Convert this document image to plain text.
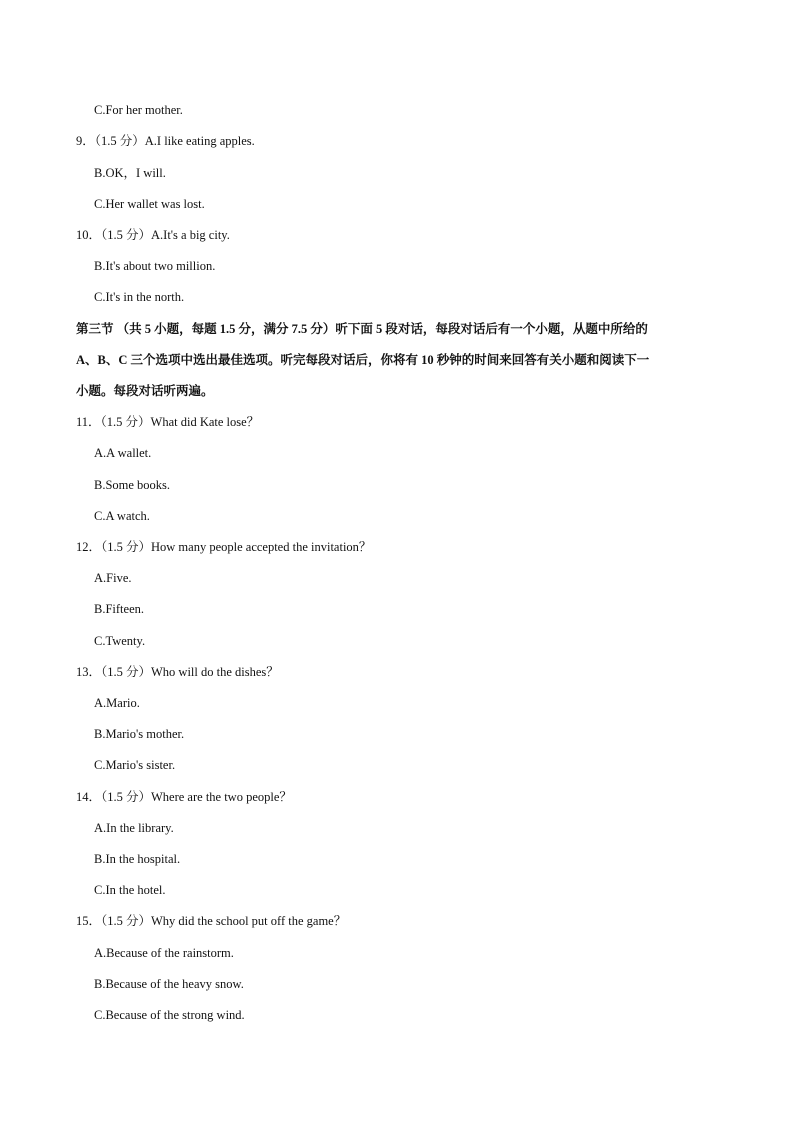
C.For her mother.
9．（1.5 分）A.I like eating apples.
B.OK，I will.
C.Her wallet was lost.
10．（1.5 分）A.It's a big city.
B.It's about two million.
C.It's in the north.
第三节 （共 5 小题，每题 1.5 分，满分 7.5 分）听下面 5 段对话，每段对话后有一个小题，从题中所给的
A、B、C 三个选项中选出最佳选项。听完每段对话后，你将有 10 秒钟的时间来回答有关小题和阅读下一
小题。每段对话听两遍。
11．（1.5 分）What did Kate lose？
A.A wallet.
B.Some books.
C.A watch.
12．（1.5 分）How many people accepted the invitation？
A.Five.
B.Fifteen.
C.Twenty.
13．（1.5 分）Who will do the dishes？
A.Mario.
B.Mario's mother.
C.Mario's sister.
14．（1.5 分）Where are the two people？
A.In the library.
B.In the hospital.
C.In the hotel.
15．（1.5 分）Why did the school put off the game？
A.Because of the rainstorm.
B.Because of the heavy snow.
C.Because of the strong wind.
